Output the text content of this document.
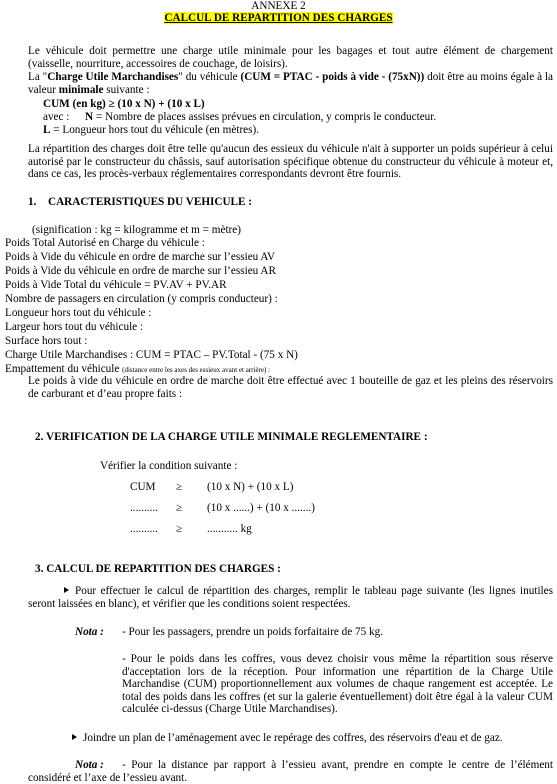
ANNEXE 2
CALCUL DE REPARTITION DES CHARGES
Le véhicule doit permettre une charge utile minimale pour les bagages et tout autre élément de chargement (vaisselle, nourriture, accessoires de couchage, de loisirs).
La "Charge Utile Marchandises" du véhicule (CUM = PTAC - poids à vide - (75xN)) doit être au moins égale à la valeur minimale suivante :
CUM (en kg) ≥ (10 x N) + (10 x L)
avec : N = Nombre de places assises prévues en circulation, y compris le conducteur.
L = Longueur hors tout du véhicule (en mètres).
La répartition des charges doit être telle qu'aucun des essieux du véhicule n'ait à supporter un poids supérieur à celui autorisé par le constructeur du châssis, sauf autorisation spécifique obtenue du constructeur du véhicule à moteur et, dans ce cas, les procès-verbaux réglementaires correspondants devront être fournis.
1. CARACTERISTIQUES DU VEHICULE :
(signification : kg = kilogramme et m = mètre)
Poids Total Autorisé en Charge du véhicule :
Poids à Vide du véhicule en ordre de marche sur l’essieu AV
Poids à Vide du véhicule en ordre de marche sur l’essieu AR
Poids à Vide Total du véhicule = PV.AV + PV.AR
Nombre de passagers en circulation (y compris conducteur) :
Longueur hors tout du véhicule :
Largeur hors tout du véhicule :
Surface hors tout :
Charge Utile Marchandises : CUM = PTAC – PV.Total - (75 x N)
Empattement du véhicule (distance entre les axes des essieux avant et arrière) :
Le poids à vide du véhicule en ordre de marche doit être effectué avec 1 bouteille de gaz et les pleins des réservoirs de carburant et d’eau propre faits :
2. VERIFICATION DE LA CHARGE UTILE MINIMALE REGLEMENTAIRE :
Vérifier la condition suivante :
CUM ≥ (10 x N) + (10 x L)
.......... ≥ (10 x ......) + (10 x .......)
.......... ≥ ........... kg
3. CALCUL DE REPARTITION DES CHARGES :
Pour effectuer le calcul de répartition des charges, remplir le tableau page suivante (les lignes inutiles seront laissées en blanc), et vérifier que les conditions soient respectées.
Nota : - Pour les passagers, prendre un poids forfaitaire de 75 kg.
- Pour le poids dans les coffres, vous devez choisir vous même la répartition sous réserve d'acceptation lors de la réception. Pour information une répartition de la Charge Utile Marchandise (CUM) proportionnellement aux volumes de chaque rangement est acceptée. Le total des poids dans les coffres (et sur la galerie éventuellement) doit être égal à la valeur CUM calculée ci-dessus (Charge Utile Marchandises).
Joindre un plan de l’aménagement avec le repérage des coffres, des réservoirs d'eau et de gaz.
Nota :	- Pour la distance par rapport à l’essieu avant, prendre en compte le centre de l’élément considéré et l’axe de l’essieu avant.
